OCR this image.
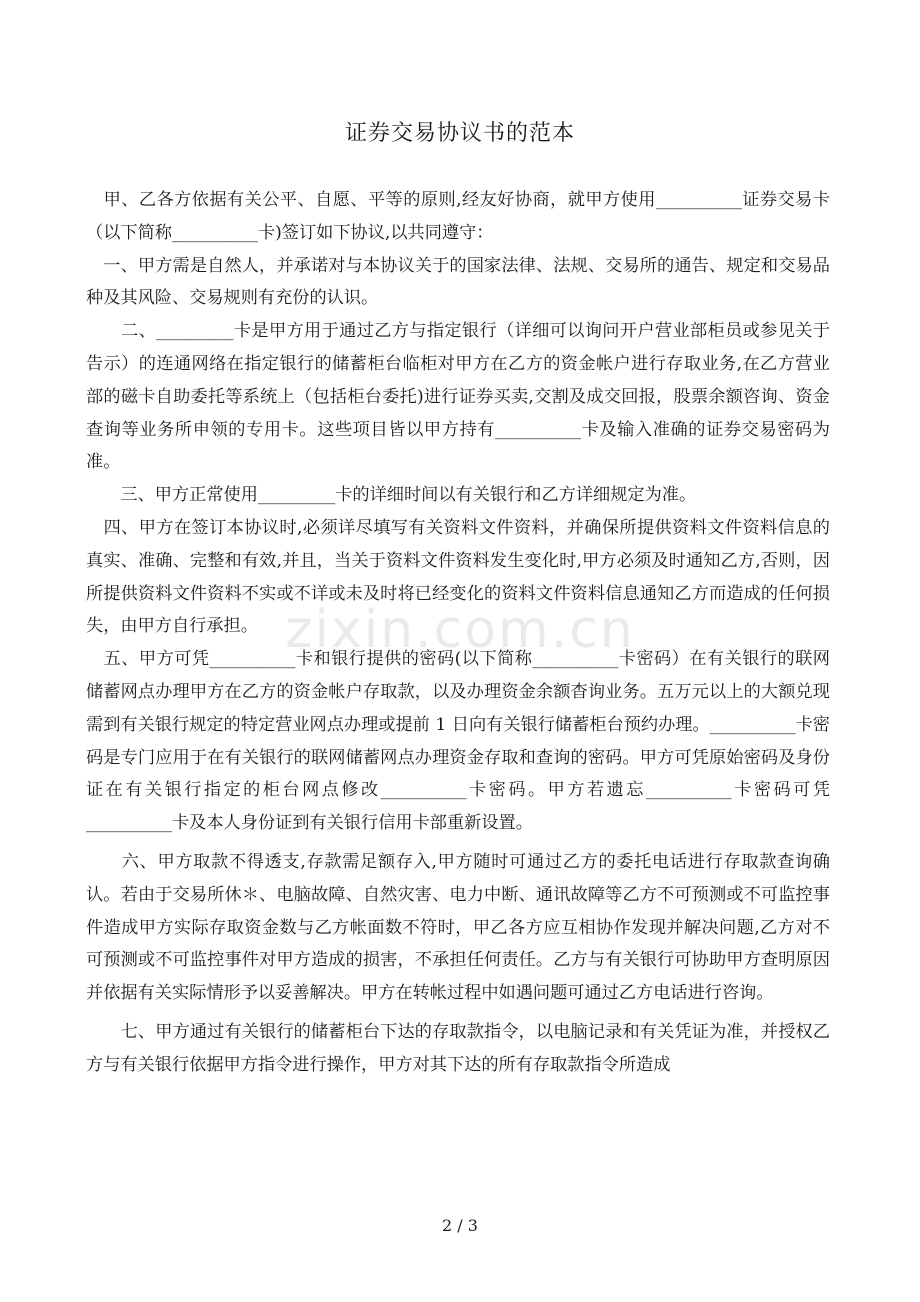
证券交易协议书的范本

　甲、乙各方依据有关公平、自愿、平等的原则,经友好协商，就甲方使用__________证券交易卡（以下简称__________卡)签订如下协议,以共同遵守：

　一、甲方需是自然人，并承诺对与本协议关于的国家法律、法规、交易所的通告、规定和交易品种及其风险、交易规则有充份的认识。

　　二、_________卡是甲方用于通过乙方与指定银行（详细可以询问开户营业部柜员或参见关于告示）的连通网络在指定银行的储蓄柜台临柜对甲方在乙方的资金帐户进行存取业务,在乙方营业部的磁卡自助委托等系统上（包括柜台委托)进行证券买卖,交割及成交回报，股票余额咨询、资金查询等业务所申领的专用卡。这些项目皆以甲方持有__________卡及输入准确的证券交易密码为准。

　　三、甲方正常使用_________卡的详细时间以有关银行和乙方详细规定为准。

　四、甲方在签订本协议时,必须详尽填写有关资料文件资料，并确保所提供资料文件资料信息的真实、准确、完整和有效,并且，当关于资料文件资料发生变化时,甲方必须及时通知乙方,否则，因所提供资料文件资料不实或不详或未及时将已经变化的资料文件资料信息通知乙方而造成的任何损失，由甲方自行承担。

　五、甲方可凭__________卡和银行提供的密码(以下简称__________卡密码）在有关银行的联网储蓄网点办理甲方在乙方的资金帐户存取款，以及办理资金余额杳询业务。五万元以上的大额兑现需到有关银行规定的特定营业网点办理或提前 1 日向有关银行储蓄柜台预约办理。__________卡密码是专门应用于在有关银行的联网储蓄网点办理资金存取和查询的密码。甲方可凭原始密码及身份证在有关银行指定的柜台网点修改__________卡密码。甲方若遗忘__________卡密码可凭__________卡及本人身份证到有关银行信用卡部重新设置。

　　六、甲方取款不得透支,存款需足额存入,甲方随时可通过乙方的委托电话进行存取款查询确认。若由于交易所休＊、电脑故障、自然灾害、电力中断、通讯故障等乙方不可预测或不可监控事件造成甲方实际存取资金数与乙方帐面数不符时，甲乙各方应互相协作发现并解决问题,乙方对不可预测或不可监控事件对甲方造成的损害，不承担任何责任。乙方与有关银行可协助甲方查明原因并依据有关实际情形予以妥善解决。甲方在转帐过程中如遇问题可通过乙方电话进行咨询。

　　七、甲方通过有关银行的储蓄柜台下达的存取款指令，以电脑记录和有关凭证为准，并授权乙方与有关银行依据甲方指令进行操作，甲方对其下达的所有存取款指令所造成

zixin.com.cn
2 / 3
